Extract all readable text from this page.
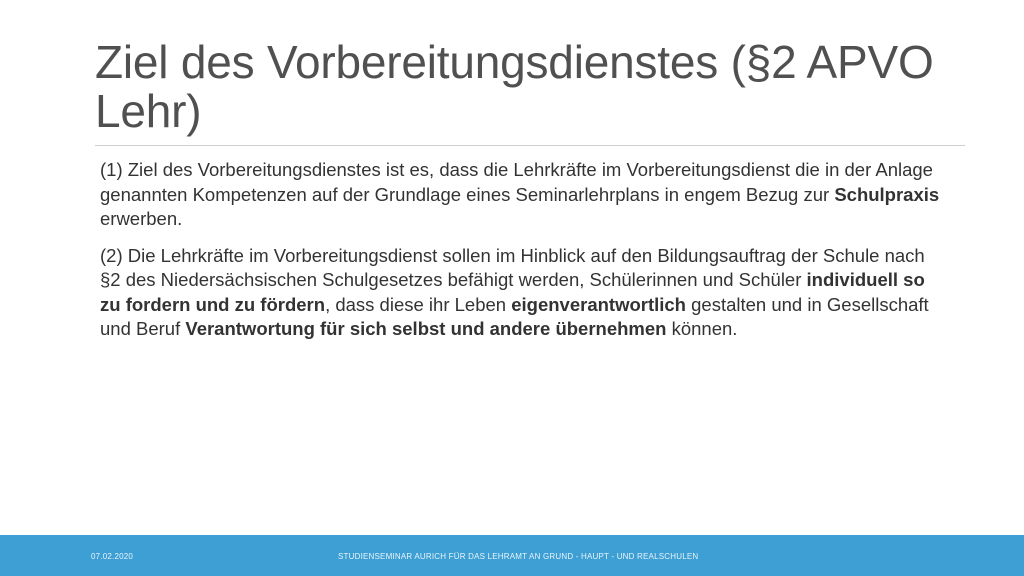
Ziel des Vorbereitungsdienstes (§2 APVO Lehr)

(1) Ziel des Vorbereitungsdienstes ist es, dass die Lehrkräfte im Vorbereitungsdienst die in der Anlage genannten Kompetenzen auf der Grundlage eines Seminarlehrplans in engem Bezug zur Schulpraxis erwerben.

(2) Die Lehrkräfte im Vorbereitungsdienst sollen im Hinblick auf den Bildungsauftrag der Schule nach §2 des Niedersächsischen Schulgesetzes befähigt werden, Schülerinnen und Schüler individuell so zu fordern und zu fördern, dass diese ihr Leben eigenverantwortlich gestalten und in Gesellschaft und Beruf Verantwortung für sich selbst und andere übernehmen können.

07.02.2020	STUDIENSEMINAR AURICH FÜR DAS LEHRAMT AN GRUND - HAUPT - UND REALSCHULEN
